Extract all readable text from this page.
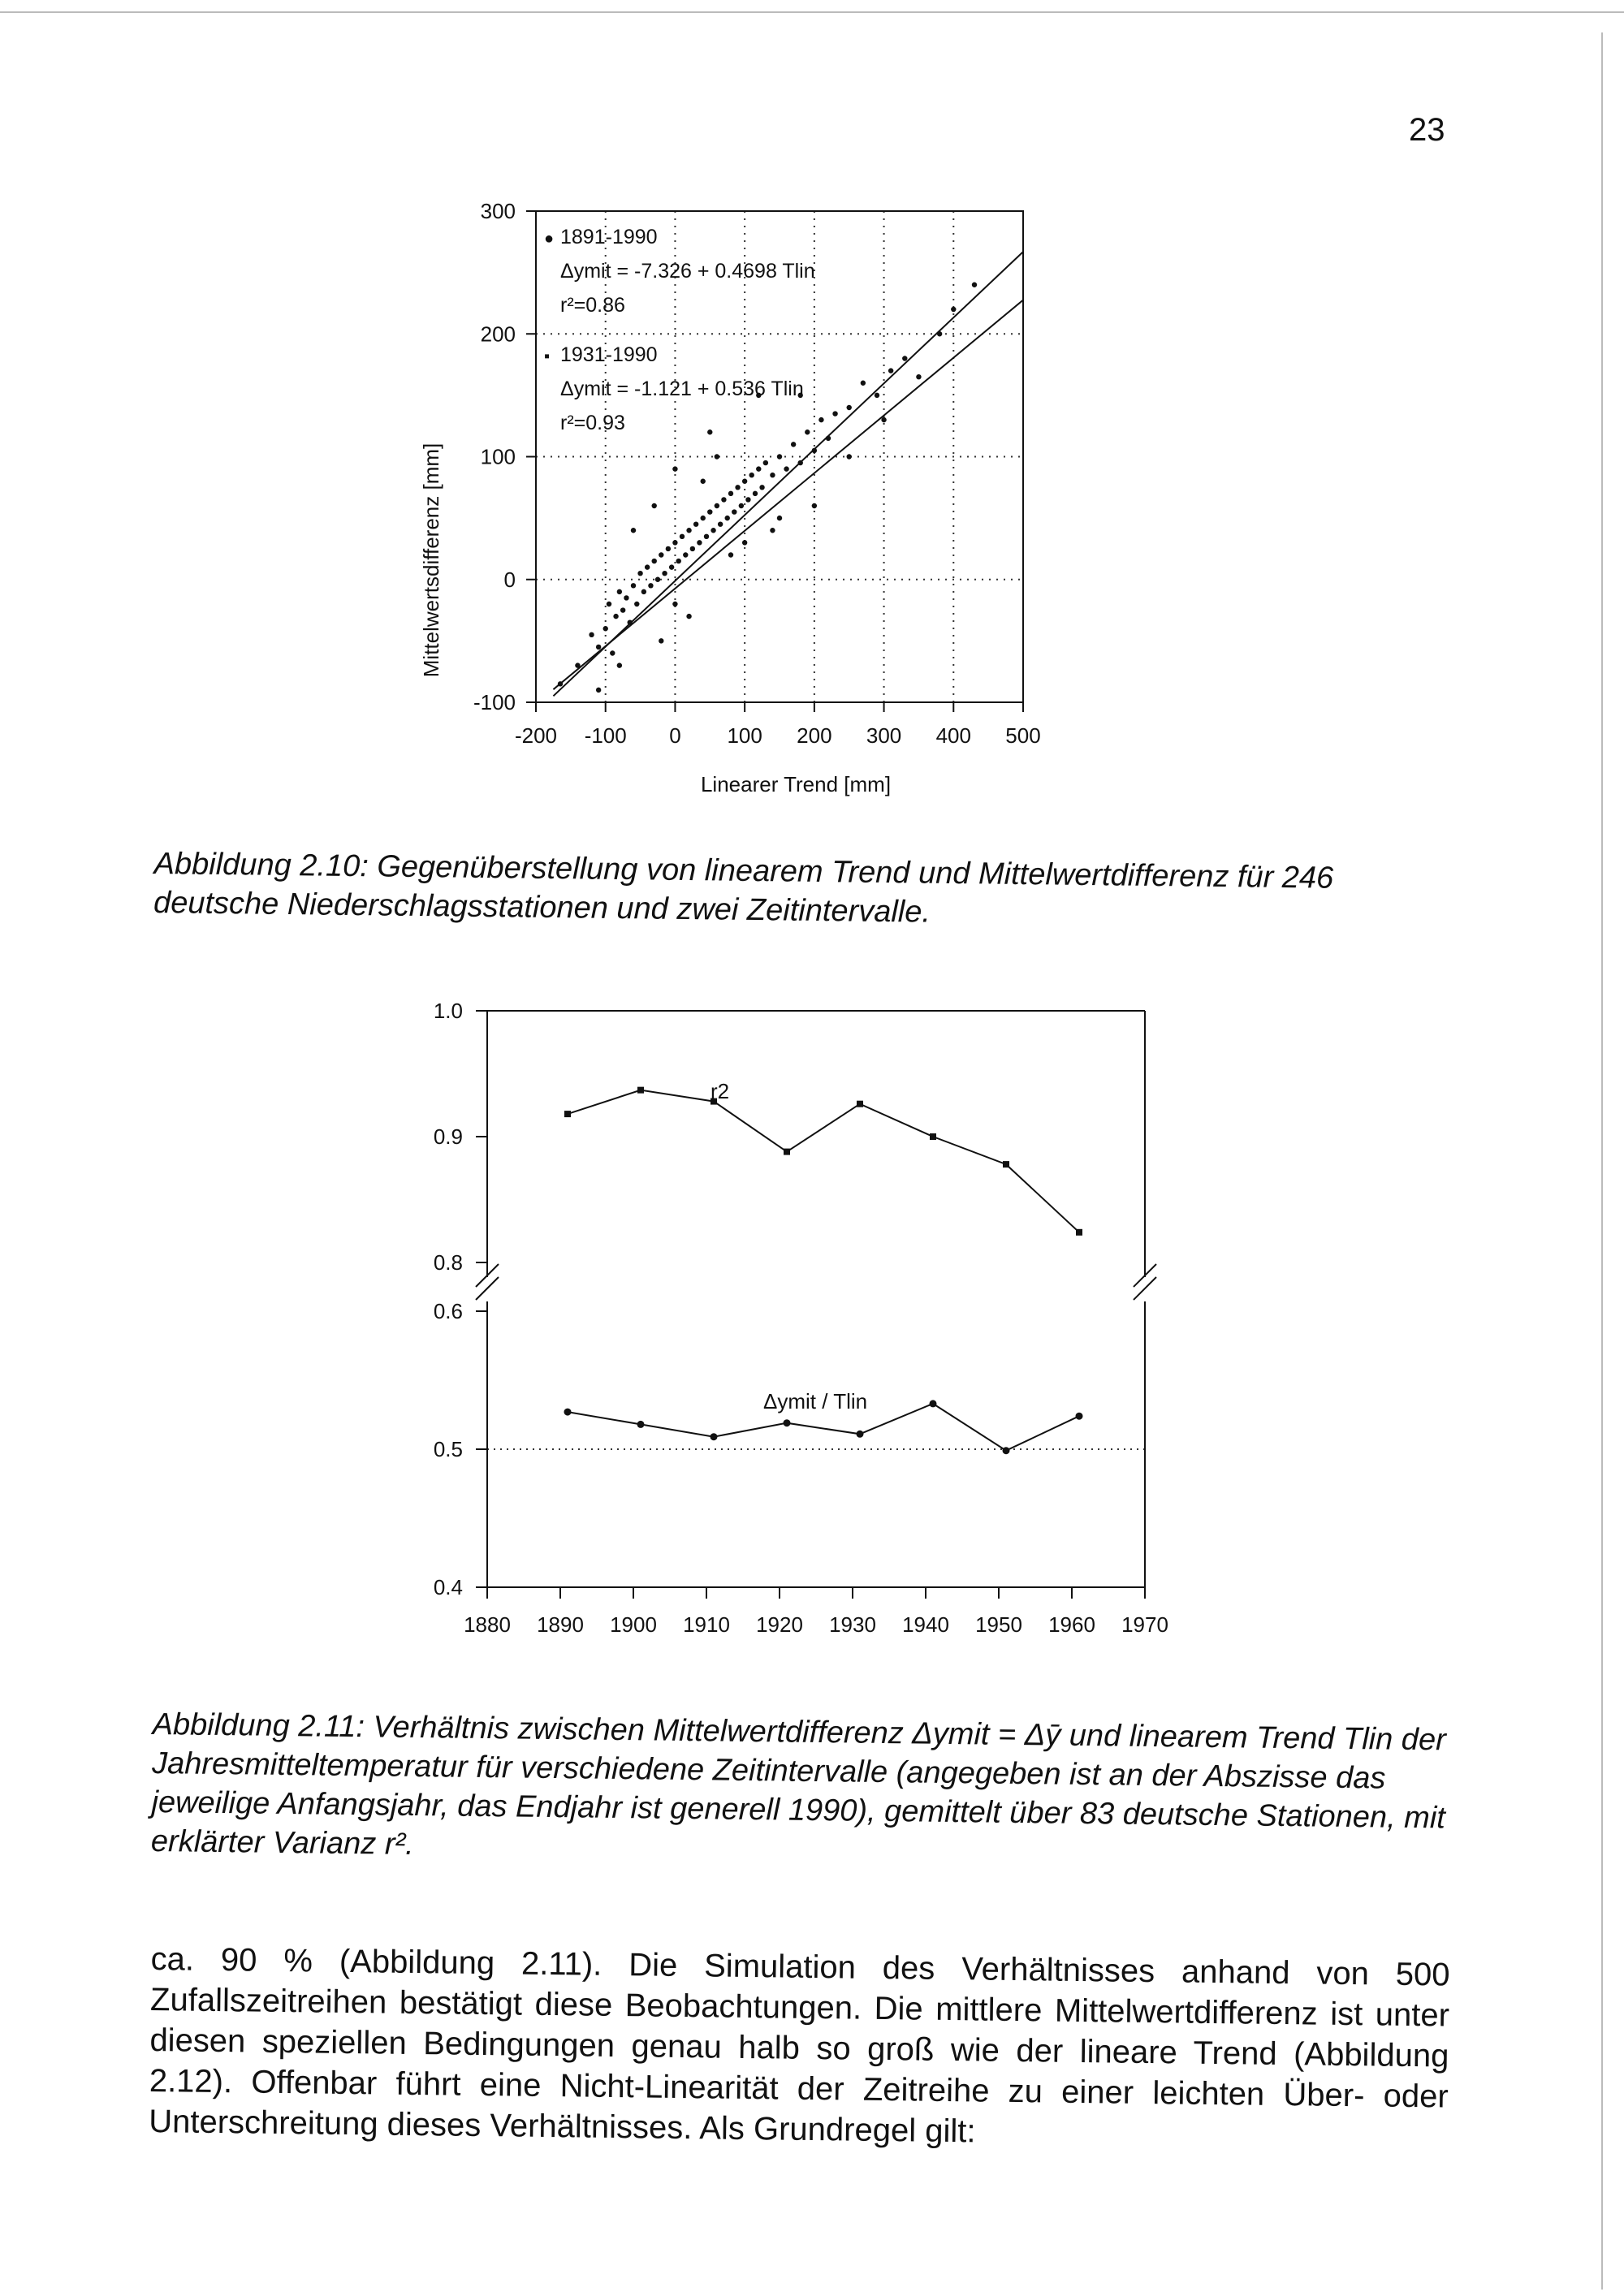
23
-200 -100 0 100 200 300 400 500
-100
0
100
200
300
Mittelwertsdifferenz [mm]
Linearer Trend [mm]
● 1891-1990
Δymit = -7.326 + 0.4698 Tlin
r²=0.86
▪ 1931-1990
Δymit = -1.121 + 0.536 Tlin
r²=0.93
Abbildung 2.10: Gegenüberstellung von linearem Trend und Mittelwertdifferenz für 246 deutsche Niederschlagsstationen und zwei Zeitintervalle.
0.8
0.9
1.0
0.4
0.5
0.6
1880 1890 1900 1910 1920 1930 1940 1950 1960 1970
r2
Δymit / Tlin
Abbildung 2.11: Verhältnis zwischen Mittelwertdifferenz Δymit = Δȳ und linearem Trend Tlin der Jahresmitteltemperatur für verschiedene Zeitintervalle (angegeben ist an der Abszisse das jeweilige Anfangsjahr, das Endjahr ist generell 1990), gemittelt über 83 deutsche Stationen, mit erklärter Varianz r².
ca. 90 % (Abbildung 2.11). Die Simulation des Verhältnisses anhand von 500 Zufallszeitreihen bestätigt diese Beobachtungen. Die mittlere Mittelwertdifferenz ist unter diesen speziellen Bedingungen genau halb so groß wie der lineare Trend (Abbildung 2.12). Offenbar führt eine Nicht-Linearität der Zeitreihe zu einer leichten Über- oder Unterschreitung dieses Verhältnisses. Als Grundregel gilt:
